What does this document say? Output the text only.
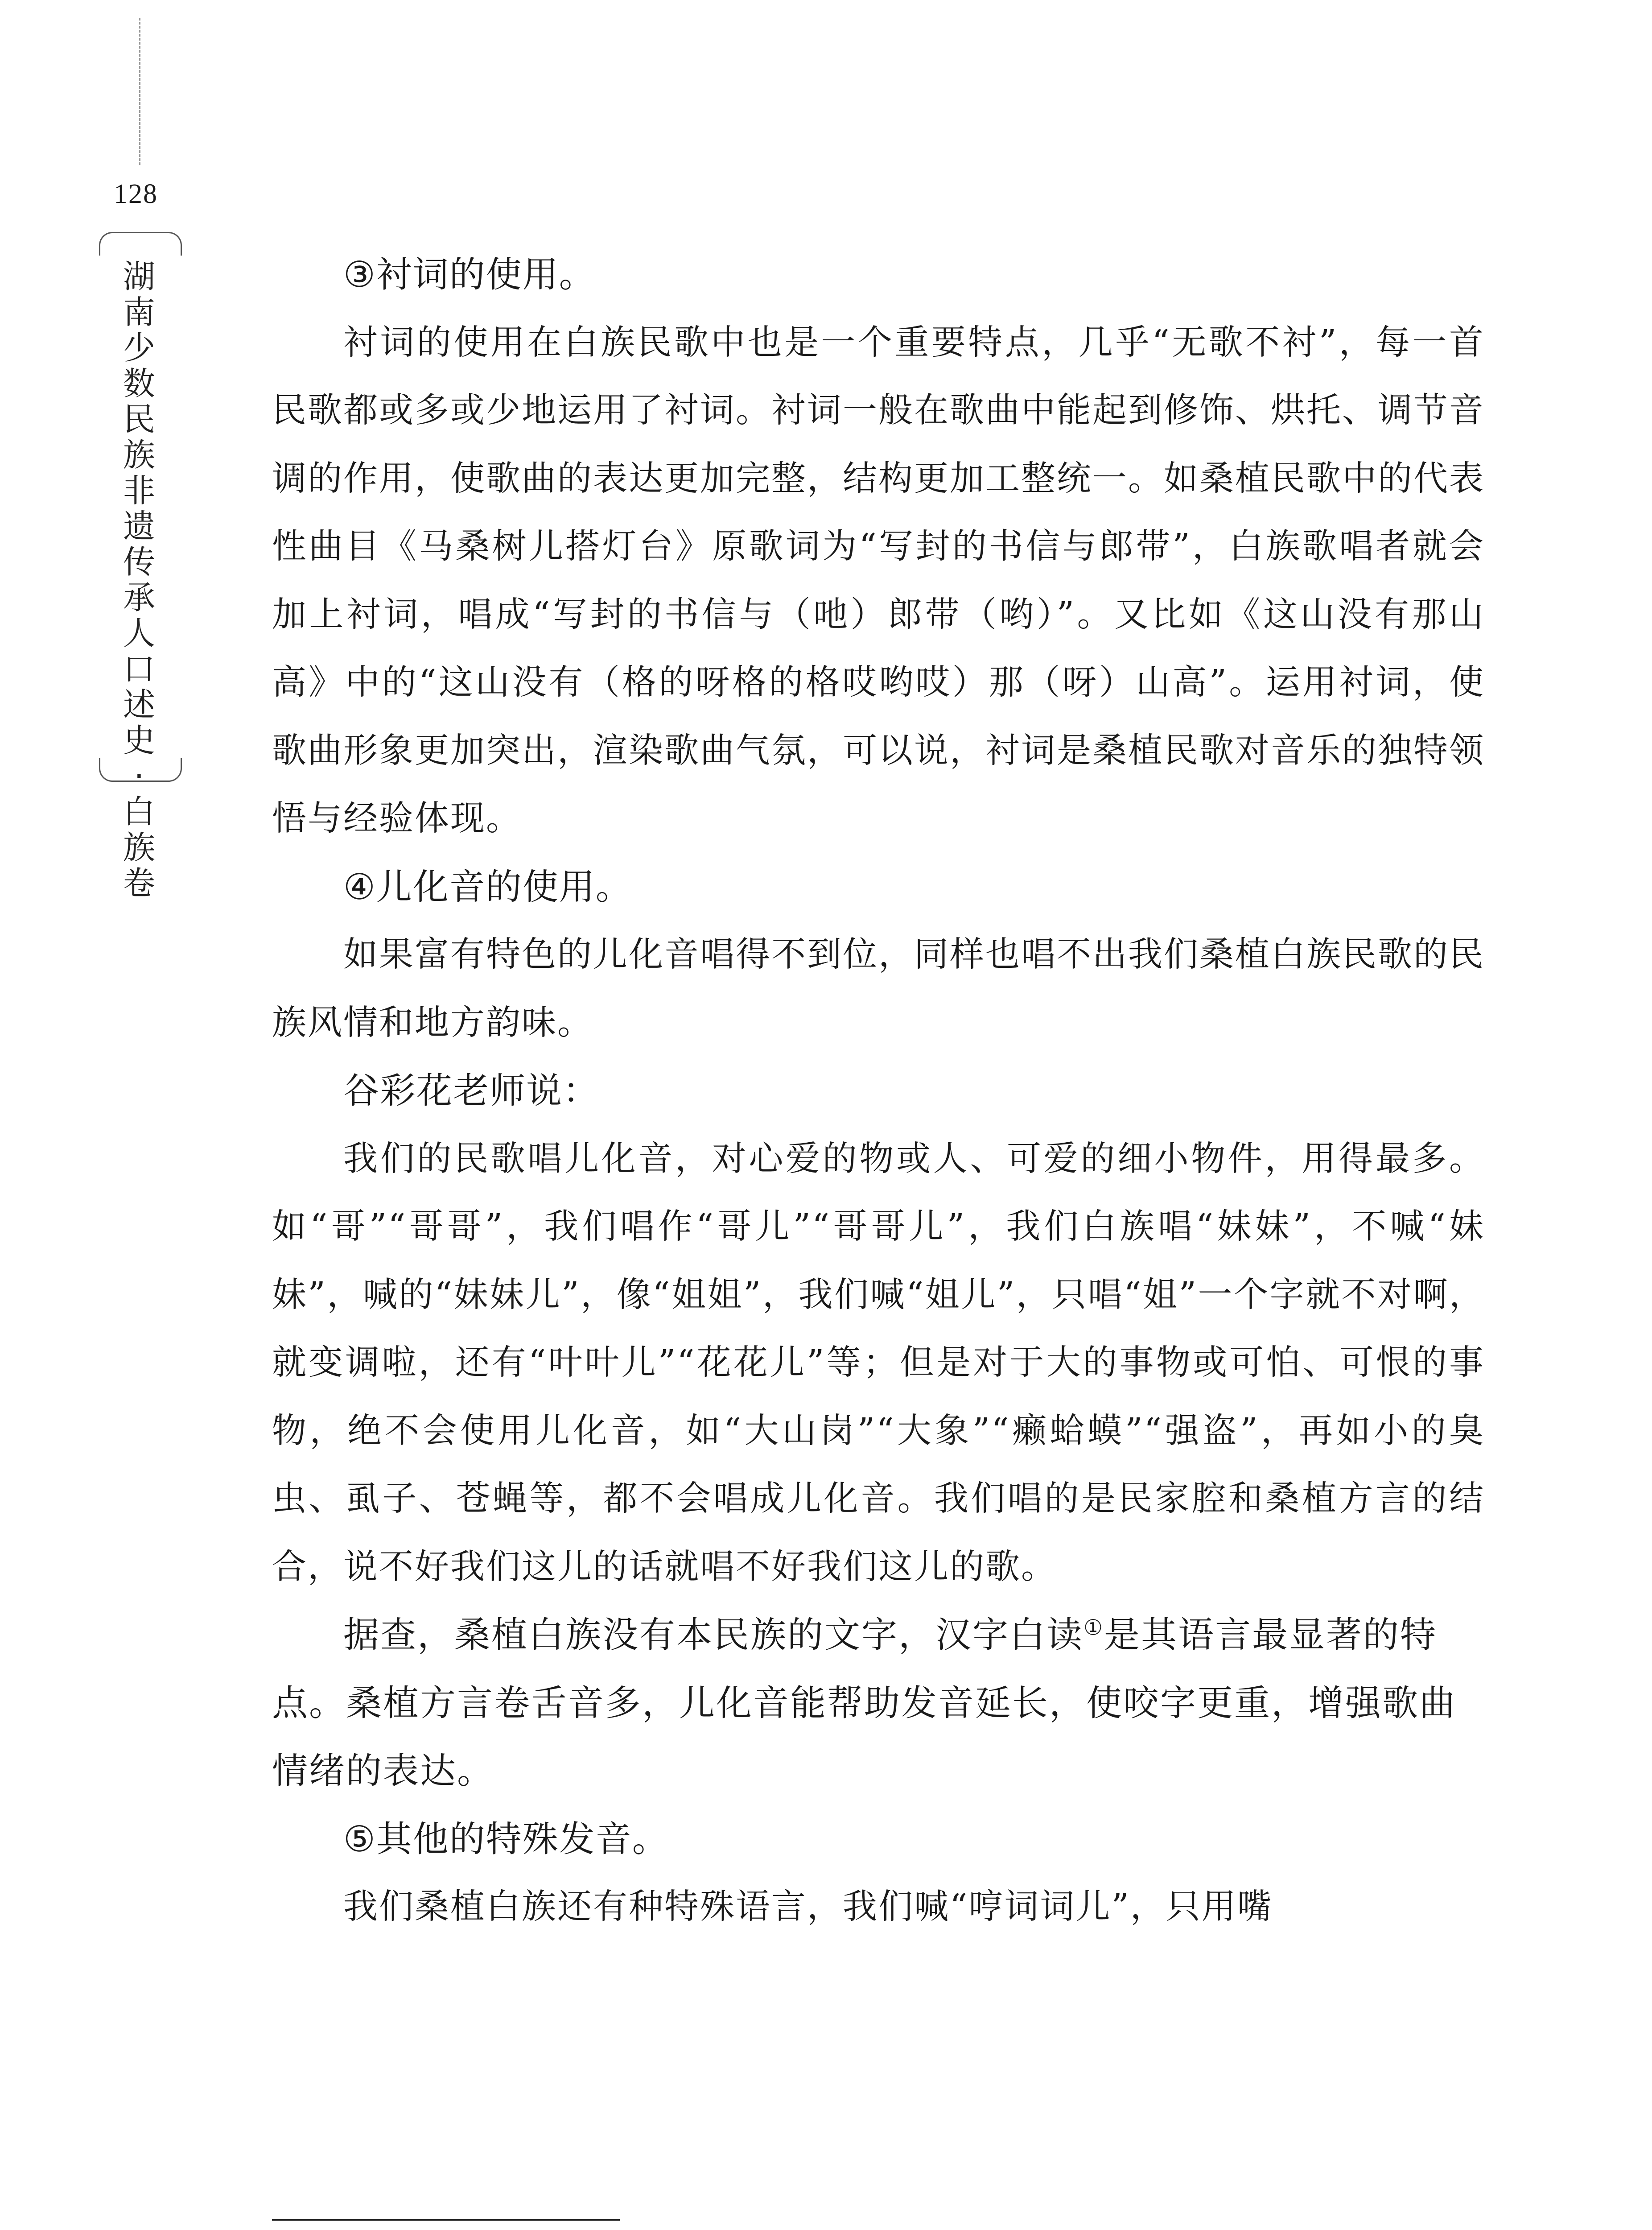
128
湖南少数民族非遗传承人口述史·白族卷

③衬词的使用。

衬词的使用在白族民歌中也是一个重要特点，几乎“无歌不衬”，每一首民歌都或多或少地运用了衬词。衬词一般在歌曲中能起到修饰、烘托、调节音调的作用，使歌曲的表达更加完整，结构更加工整统一。如桑植民歌中的代表性曲目《马桑树儿搭灯台》原歌词为“写封的书信与郎带”，白族歌唱者就会加上衬词，唱成“写封的书信与（吔）郎带（哟）”。又比如《这山没有那山高》中的“这山没有（格的呀格的格哎哟哎）那（呀）山高”。运用衬词，使歌曲形象更加突出，渲染歌曲气氛，可以说，衬词是桑植民歌对音乐的独特领悟与经验体现。

④儿化音的使用。

如果富有特色的儿化音唱得不到位，同样也唱不出我们桑植白族民歌的民族风情和地方韵味。

谷彩花老师说：

我们的民歌唱儿化音，对心爱的物或人、可爱的细小物件，用得最多。如“哥”“哥哥”，我们唱作“哥儿”“哥哥儿”，我们白族唱“妹妹”，不喊“妹妹”，喊的“妹妹儿”，像“姐姐”，我们喊“姐儿”，只唱“姐”一个字就不对啊，就变调啦，还有“叶叶儿”“花花儿”等；但是对于大的事物或可怕、可恨的事物，绝不会使用儿化音，如“大山岗”“大象”“癞蛤蟆”“强盗”，再如小的臭虫、虱子、苍蝇等，都不会唱成儿化音。我们唱的是民家腔和桑植方言的结合，说不好我们这儿的话就唱不好我们这儿的歌。

据查，桑植白族没有本民族的文字，汉字白读①是其语言最显著的特点。桑植方言卷舌音多，儿化音能帮助发音延长，使咬字更重，增强歌曲情绪的表达。

⑤其他的特殊发音。

我们桑植白族还有种特殊语言，我们喊“哼词词儿”，只用嘴
